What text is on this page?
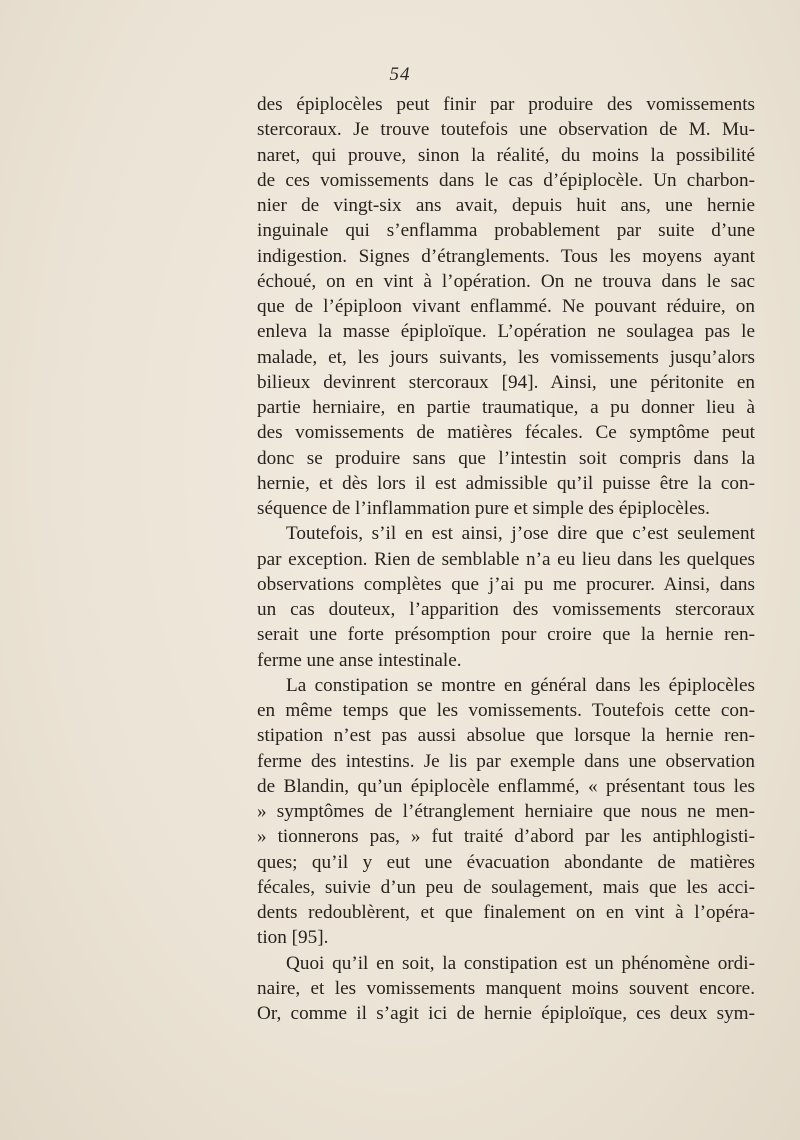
54
des épiplocèles peut finir par produire des vomissements
stercoraux. Je trouve toutefois une observation de M. Mu-
naret, qui prouve, sinon la réalité, du moins la possibilité
de ces vomissements dans le cas d’épiplocèle. Un charbon-
nier de vingt-six ans avait, depuis huit ans, une hernie
inguinale qui s’enflamma probablement par suite d’une
indigestion. Signes d’étranglements. Tous les moyens ayant
échoué, on en vint à l’opération. On ne trouva dans le sac
que de l’épiploon vivant enflammé. Ne pouvant réduire, on
enleva la masse épiploïque. L’opération ne soulagea pas le
malade, et, les jours suivants, les vomissements jusqu’alors
bilieux devinrent stercoraux [94]. Ainsi, une péritonite en
partie herniaire, en partie traumatique, a pu donner lieu à
des vomissements de matières fécales. Ce symptôme peut
donc se produire sans que l’intestin soit compris dans la
hernie, et dès lors il est admissible qu’il puisse être la con-
séquence de l’inflammation pure et simple des épiplocèles.
Toutefois, s’il en est ainsi, j’ose dire que c’est seulement
par exception. Rien de semblable n’a eu lieu dans les quelques
observations complètes que j’ai pu me procurer. Ainsi, dans
un cas douteux, l’apparition des vomissements stercoraux
serait une forte présomption pour croire que la hernie ren-
ferme une anse intestinale.
La constipation se montre en général dans les épiplocèles
en même temps que les vomissements. Toutefois cette con-
stipation n’est pas aussi absolue que lorsque la hernie ren-
ferme des intestins. Je lis par exemple dans une observation
de Blandin, qu’un épiplocèle enflammé, « présentant tous les
» symptômes de l’étranglement herniaire que nous ne men-
» tionnerons pas, » fut traité d’abord par les antiphlogisti-
ques; qu’il y eut une évacuation abondante de matières
fécales, suivie d’un peu de soulagement, mais que les acci-
dents redoublèrent, et que finalement on en vint à l’opéra-
tion [95].
Quoi qu’il en soit, la constipation est un phénomène ordi-
naire, et les vomissements manquent moins souvent encore.
Or, comme il s’agit ici de hernie épiploïque, ces deux sym-
